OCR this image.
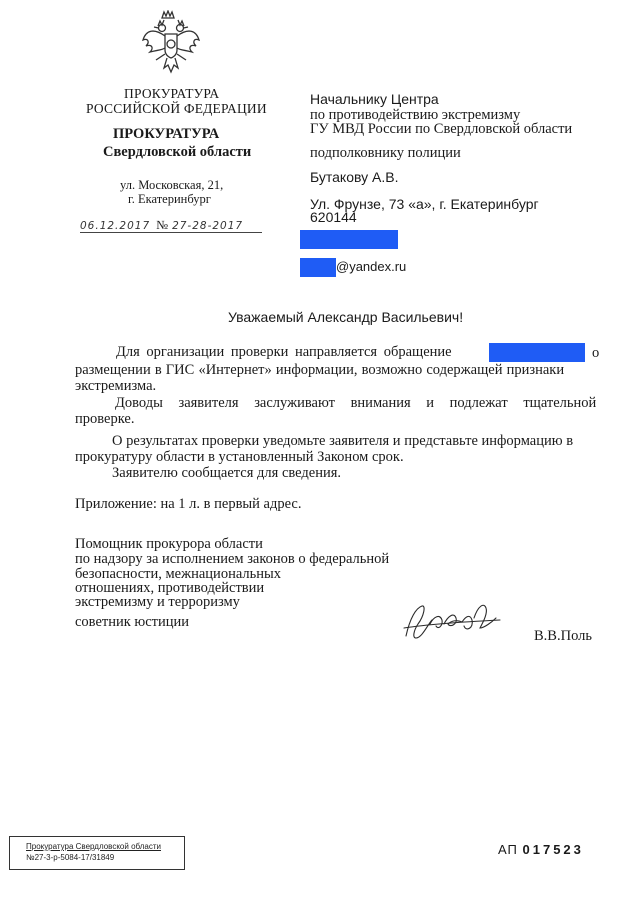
ПРОКУРАТУРА
РОССИЙСКОЙ ФЕДЕРАЦИИ
ПРОКУРАТУРА
Свердловской области
ул. Московская, 21,
г. Екатеринбург
06.12.2017 № 27-28-2017
Начальнику Центра
по противодействию экстремизму
ГУ МВД России по Свердловской области
подполковнику полиции
Бутакову А.В.
Ул. Фрунзе, 73 «а», г. Екатеринбург
620144
@yandex.ru
Уважаемый Александр Васильевич!
Для организации проверки направляется обращение	о
размещении в ГИС «Интернет» информации, возможно содержащей признаки
экстремизма.
Доводы заявителя заслуживают внимания и подлежат тщательной
проверке.
О результатах проверки уведомьте заявителя и представьте информацию в
прокуратуру области в установленный Законом срок.
Заявителю сообщается для сведения.
Приложение: на 1 л. в первый адрес.
Помощник прокурора области
по надзору за исполнением законов о федеральной
безопасности, межнациональных
отношениях, противодействии
экстремизму и терроризму
советник юстиции
В.В.Поль
Прокуратура Свердловской области
№27-3-р-5084-17/31849
АП 017523
